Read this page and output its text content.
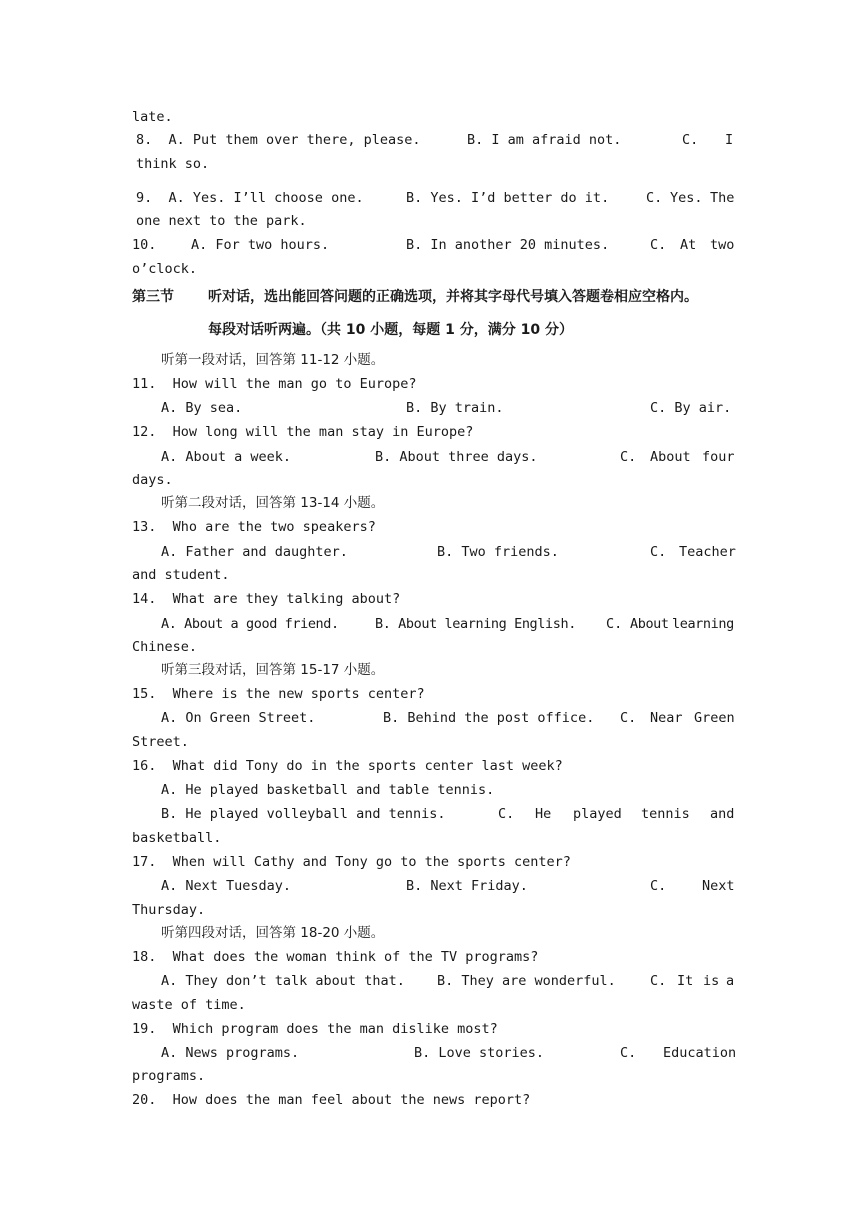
late.

8.  A. Put them over there, please.

	B. I am afraid not.

	C.

I

think so.

9.  A. Yes. I’ll choose one.

	B. Yes. I’d better do it.

	C.

Yes.

The

one next to the park.

10.

	A. For two hours.

	B. In another 20 minutes.

	C.

At

two

o’clock.
第三节 听对话，选出能回答问题的正确选项，并将其字母代号填入答题卷相应空格内。
每段对话听两遍。（共 10 小题，每题 1 分，满分 10 分）
听第一段对话，回答第 11-12 小题。
11.  How will the man go to Europe?

A. By sea.

	B. By train.

	C. By air.

12.  How long will the man stay in Europe?

A. About a week.

	B. About three days.

	C.

About

four

days.
听第二段对话，回答第 13-14 小题。
13.  Who are the two speakers?

A. Father and daughter.

	B. Two friends.

	C.

Teacher

and student.
14.  What are they talking about?

A. About a good friend.

	B. About learning English.

C.

About

learning

Chinese.
听第三段对话，回答第 15-17 小题。
15.  Where is the new sports center?

A. On Green Street.

	B. Behind the post office.

C.

Near

Green

Street.
16.  What did Tony do in the sports center last week?
A. He played basketball and table tennis.

B. He played volleyball and tennis.

	C.

He

played

tennis

and

basketball.
17.  When will Cathy and Tony go to the sports center?

A. Next Tuesday.

	B. Next Friday.

	C.

	Next

Thursday.
听第四段对话，回答第 18-20 小题。
18.  What does the woman think of the TV programs?

A. They don’t talk about that.

B. They are wonderful.

	C.

It

is

a

waste of time.
19.  Which program does the man dislike most?

A. News programs.

	B. Love stories.

	C.

Education

programs.
20.  How does the man feel about the news report?
